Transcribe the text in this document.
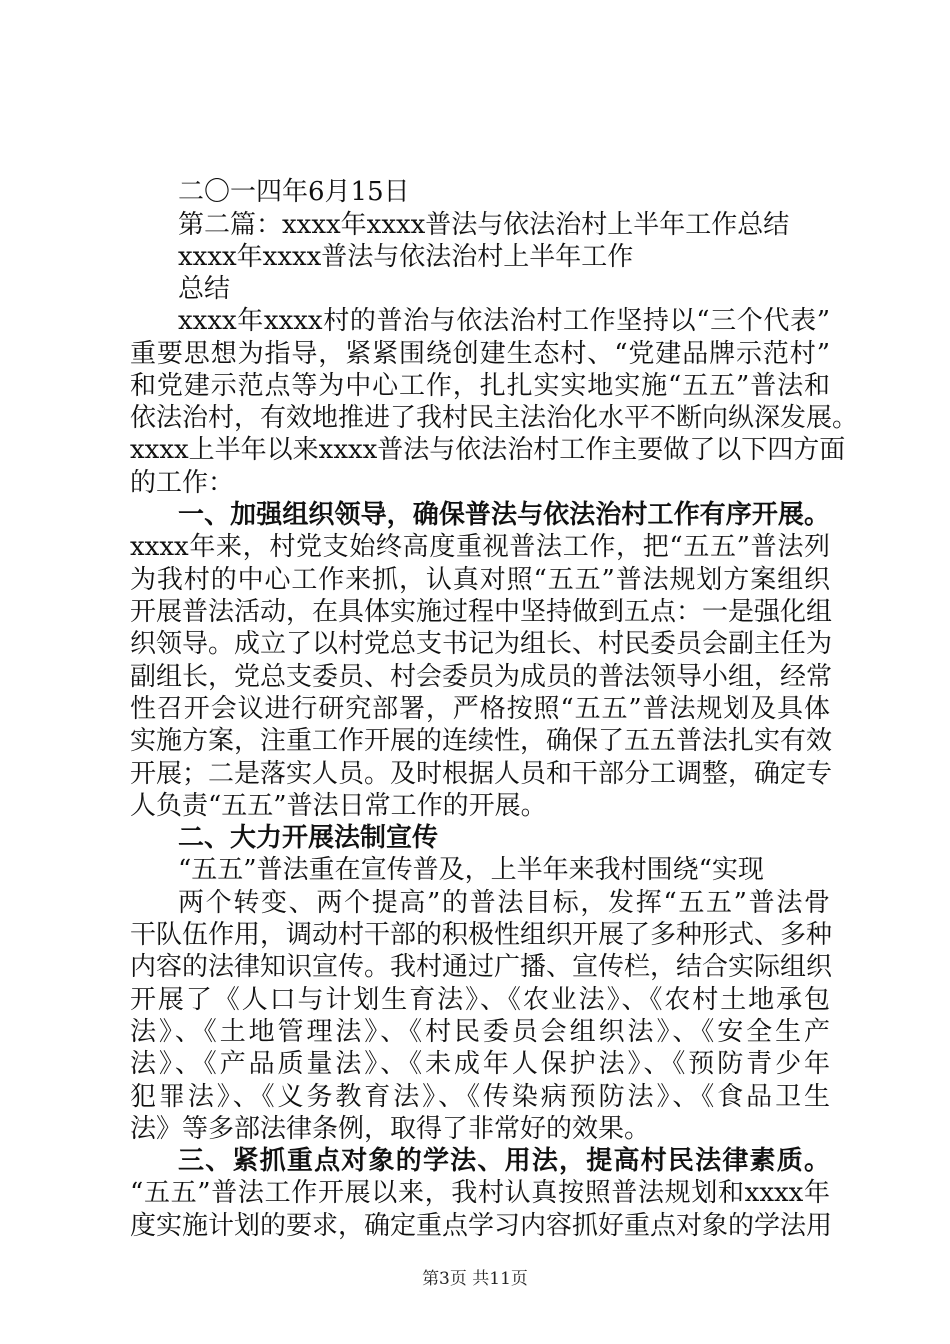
二〇一四年6月15日
第二篇：xxxx年xxxx普法与依法治村上半年工作总结
xxxx年xxxx普法与依法治村上半年工作
总结
xxxx年xxxx村的普治与依法治村工作坚持以“三个代表”
重要思想为指导，紧紧围绕创建生态村、“党建品牌示范村”
和党建示范点等为中心工作，扎扎实实地实施“五五”普法和
依法治村，有效地推进了我村民主法治化水平不断向纵深发展。
xxxx上半年以来xxxx普法与依法治村工作主要做了以下四方面
的工作：
一、加强组织领导，确保普法与依法治村工作有序开展。
xxxx年来，村党支始终高度重视普法工作，把“五五”普法列
为我村的中心工作来抓，认真对照“五五”普法规划方案组织
开展普法活动，在具体实施过程中坚持做到五点：一是强化组
织领导。成立了以村党总支书记为组长、村民委员会副主任为
副组长，党总支委员、村会委员为成员的普法领导小组，经常
性召开会议进行研究部署，严格按照“五五”普法规划及具体
实施方案，注重工作开展的连续性，确保了五五普法扎实有效
开展；二是落实人员。及时根据人员和干部分工调整，确定专
人负责“五五”普法日常工作的开展。
二、大力开展法制宣传
“五五”普法重在宣传普及，上半年来我村围绕“实现
两个转变、两个提高”的普法目标，发挥“五五”普法骨
干队伍作用，调动村干部的积极性组织开展了多种形式、多种
内容的法律知识宣传。我村通过广播、宣传栏，结合实际组织
开展了《人口与计划生育法》、《农业法》、《农村土地承包
法》、《土地管理法》、《村民委员会组织法》、《安全生产
法》、《产品质量法》、《未成年人保护法》、《预防青少年
犯罪法》、《义务教育法》、《传染病预防法》、《食品卫生
法》等多部法律条例，取得了非常好的效果。
三、紧抓重点对象的学法、用法，提高村民法律素质。
“五五”普法工作开展以来，我村认真按照普法规划和xxxx年
度实施计划的要求，确定重点学习内容抓好重点对象的学法用
第3页 共11页
